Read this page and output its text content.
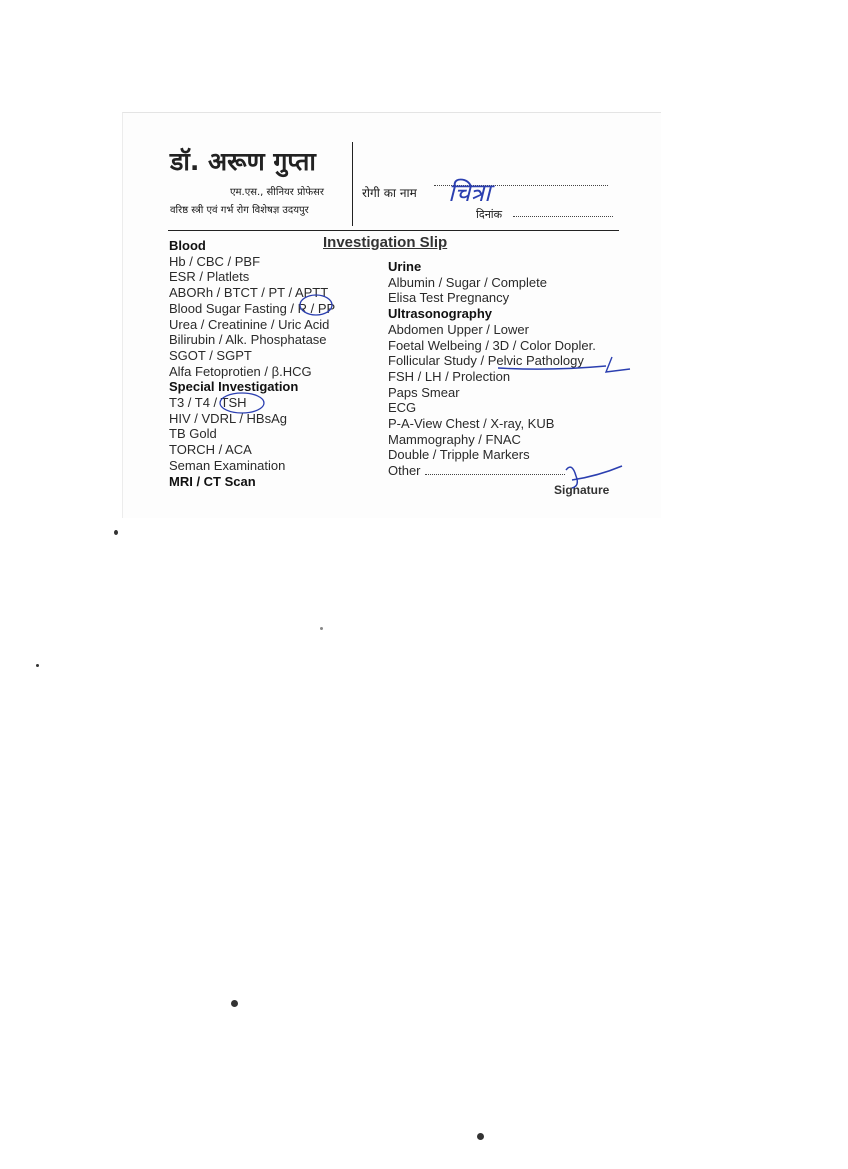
डॉ. अरूण गुप्ता
एम.एस., सीनियर प्रोफेसर
वरिष्ठ स्त्री एवं गर्भ रोग विशेषज्ञ उदयपुर
रोगी का नाम
दिनांक
Investigation Slip
Blood
Hb / CBC / PBF
ESR / Platlets
ABORh / BTCT / PT / APTT
Blood Sugar Fasting / R / PP
Urea / Creatinine / Uric Acid
Bilirubin / Alk. Phosphatase
SGOT / SGPT
Alfa Fetoprotien / β.HCG
Special Investigation
T3 / T4 / TSH
HIV / VDRL / HBsAg
TB Gold
TORCH / ACA
Seman Examination
MRI / CT Scan
Urine
Albumin / Sugar / Complete
Elisa Test Pregnancy
Ultrasonography
Abdomen Upper / Lower
Foetal Welbeing / 3D / Color Dopler.
Follicular Study / Pelvic Pathology
FSH / LH / Prolection
Paps Smear
ECG
P-A-View Chest / X-ray, KUB
Mammography / FNAC
Double / Tripple Markers
Other
Signature
चित्रा
